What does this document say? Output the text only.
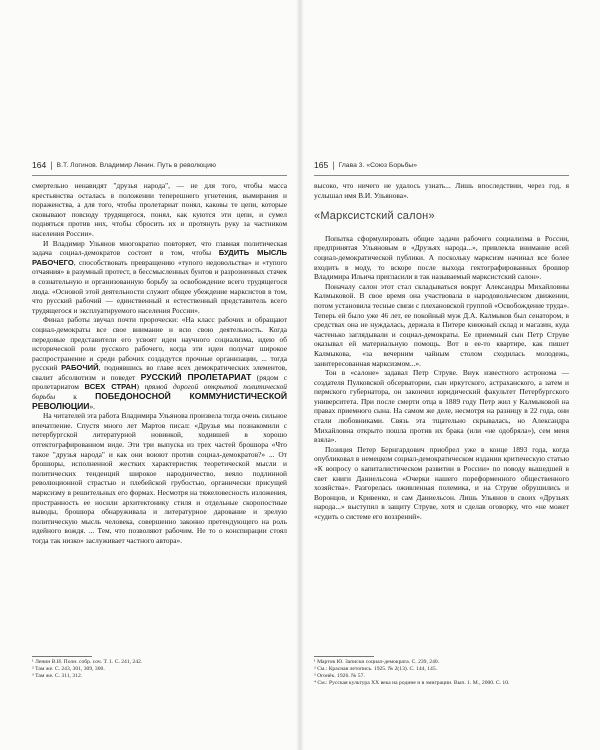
164 | В.Т. Логинов. Владимир Ленин. Путь в революцию

смертельно ненавидят "друзья народа", — не для того, чтобы масса крестьянства осталась в положении теперешнего угнетения, вымирания и пораженства, а для того, чтобы пролетариат понял, каковы те цепи, которые сковывают повсюду трудящегося, понял, как куются эти цепи, и сумел подняться против них, чтобы сбросить их и протянуть руку за частником населения России».

И Владимир Ульянов многократно повторяет, что главная политическая задача социал-демократов состоит в том, чтобы БУДИТЬ МЫСЛЬ РАБОЧЕГО, способствовать превращению «тупого недовольства» и «тупого отчаяния» в разумный протест, в бессмысленных бунтов и разрозненных стачек в сознательную и организованную борьбу за освобождение всего трудящегося люда. «Основой этой деятельности служит общее убеждение марксистов в том, что русский рабочий — единственный и естественный представитель всего трудящегося и эксплуатируемого населения России».

Финал работы звучал почти пророчески: «На класс рабочих и обращают социал-демократы все свое внимание и всю свою деятельность. Когда передовые представители его усвоят идеи научного социализма, идею об исторической роли русского рабочего, когда эти идеи получат широкое распространение и среди рабочих создадутся прочные организации, ... тогда русский РАБОЧИЙ, поднявшись во главе всех демократических элементов, свалит абсолютизм и поведет РУССКИЙ ПРОЛЕТАРИАТ (рядом с пролетариатом ВСЕХ СТРАН) прямой дорогой открытой политической борьбы к ПОБЕДОНОСНОЙ КОММУНИСТИЧЕСКОЙ РЕВОЛЮЦИИ».

На читателей эта работа Владимира Ульянова произвела тогда очень сильное впечатление. Спустя много лет Мартов писал: «Друзья мы познакомили с петербургской литературной новинкой, ходившей в хорошо отгектографированном виде. Эти три выпуска из трех частей брошюра «Что такое "друзья народа" и как они воюют против социал-демократов?» ... От брошюры, исполненной жестких характеристик теоретической мысли и политических тенденций широкое народничество, веяло подлинной революционной страстью и плебейской грубостью, органически присущей марксизму в решительных его формах. Несмотря на тяжеловесность изложения, пространность ее носили архитектонику стиля и отдельные скоропостные выводы, брошюра обнаруживала и литературное дарование и зрелую политическую мысль человека, совершенно законно претендующего на роль идейного вождя. ... Тем, что позволяют рабочим. Не то о конспирации стоял тогда так низко» заслуживает частного автора».

¹ Ленин В.И. Полн. собр. соч. Т. 1. С. 241, 242.
² Там же. С. 243, 301, 309, 300.
³ Там же. С. 311, 312.
165 | Глава 3. «Союз Борьбы»

высоко, что ничего не удалось узнать... Лишь впоследствии, через год, я услышал имя В.И. Ульянова».

«Марксистский салон»

Попытка сформулировать общие задачи рабочего социализма в России, предпринятая Ульяновым в «Друзьях народа...», привлекла внимание всей социал-демократической публики. А поскольку марксизм начинал все более входить в моду, то вскоре после выхода гектографированных брошюр Владимира Ильича пригласили в так называемый марксистский салон».

Поначалу салон этот стал складываться вокруг Александры Михайловны Калмыковой. В свое время она участвовала в народовольческом движении, потом установила тесные связи с плехановской группой «Освобождение труда». Теперь ей было уже 46 лет, ее покойный муж Д.А. Калмыков был сенатором, в средствах она не нуждалась, держала в Питере книжный склад и магазин, куда частенько заглядывали и социал-демократы. Ее приемный сын Петр Струве оказывал ей материальную помощь. Вот в ее-то квартире, как пишет Калмыкова, «за вечерним чайным столом сходилась молодежь, заинтересованная марксизмом...».

Тон в «салоне» задавал Петр Струве. Внук известного астронома — создателя Пулковской обсерватории, сын иркутского, астраханского, а затем и пермского губернатора, он закончил юридический факультет Петербургского университета. При после смерти отца в 1889 году Петр жил у Калмыковой на правах приемного сына. На самом же деле, несмотря на разницу в 22 года, они стали любовниками. Связь эта тщательно скрывалась, но Александра Михайловна открыто пошла против их брака (или «не одобряла»), сем меня взяла».

Позиция Петер Бернгардович приобрел уже в конце 1893 года, когда опубликовал в немецком социал-демократическом издании критическую статью «К вопросу о капиталистическом развитии в России» по поводу вышедшей в свет книги Даниельсона «Очерки нашего пореформенного общественного хозяйства». Разгорелась оживленная полемика, и на Струве обрушились и Воронцов, и Кривенко, и сам Даниельсон. Лишь Ульянов в своих «Друзьях народа...» выступил в защиту Струве, хотя и сделав оговорку, что «не может «судить о системе его воззрений».

¹ Мартов Ю. Записки социал-демократа. С. 239, 240.
² См.: Красная летопись. 1925. № 2(13). С. 144, 145.
³ Огонёк. 1926. № 57.
⁴ См.: Русская культура XX века на родине и в эмиграции. Вып. 1. М., 2000. С. 10.
